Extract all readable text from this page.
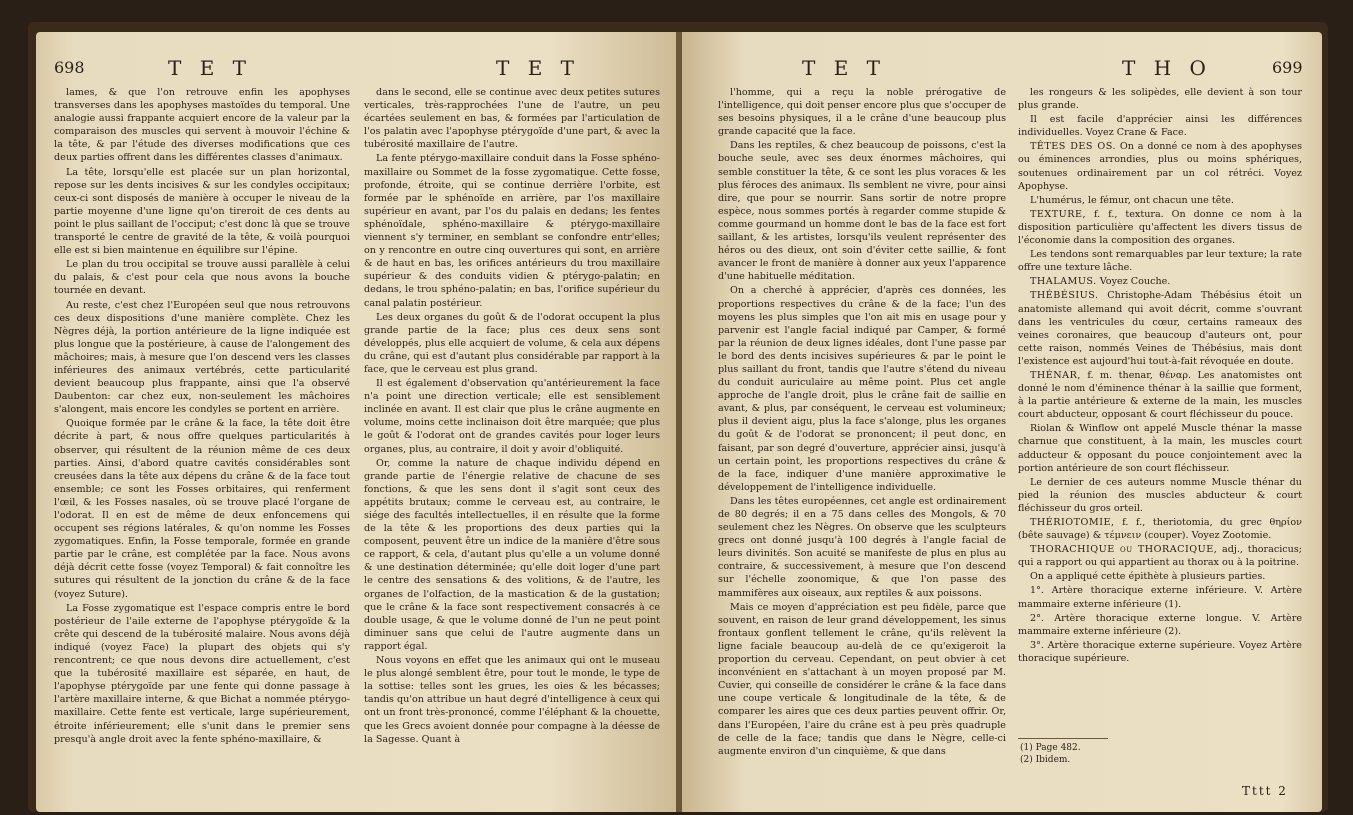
698	T E T	T E T

lames, & que l'on retrouve enfin les apophyses transverses dans les apophyses mastoïdes du temporal. Une analogie aussi frappante acquiert encore de la valeur par la comparaison des muscles qui servent à mouvoir l'échine & la tête, & par l'étude des diverses modifications que ces deux parties offrent dans les différentes classes d'animaux.

La tête, lorsqu'elle est placée sur un plan horizontal, repose sur les dents incisives & sur les condyles occipitaux; ceux-ci sont disposés de manière à occuper le niveau de la partie moyenne d'une ligne qu'on tireroit de ces dents au point le plus saillant de l'occiput; c'est donc là que se trouve transporté le centre de gravité de la tête, & voilà pourquoi elle est si bien maintenue en équilibre sur l'épine.

Le plan du trou occipital se trouve aussi parallèle à celui du palais, & c'est pour cela que nous avons la bouche tournée en devant.

Au reste, c'est chez l'Européen seul que nous retrouvons ces deux dispositions d'une manière complète. Chez les Nègres déjà, la portion antérieure de la ligne indiquée est plus longue que la postérieure, à cause de l'alongement des mâchoires; mais, à mesure que l'on descend vers les classes inférieures des animaux vertébrés, cette particularité devient beaucoup plus frappante, ainsi que l'a observé Daubenton: car chez eux, non-seulement les mâchoires s'alongent, mais encore les condyles se portent en arrière.

Quoique formée par le crâne & la face, la tête doit être décrite à part, & nous offre quelques particularités à observer, qui résultent de la réunion même de ces deux parties. Ainsi, d'abord quatre cavités considérables sont creusées dans la tête aux dépens du crâne & de la face tout ensemble; ce sont les Fosses orbitaires, qui renferment l'œil, & les Fosses nasales, où se trouve placé l'organe de l'odorat. Il en est de même de deux enfoncemens qui occupent ses régions latérales, & qu'on nomme les Fosses zygomatiques. Enfin, la Fosse temporale, formée en grande partie par le crâne, est complétée par la face. Nous avons déjà décrit cette fosse (voyez Temporal) & fait connoître les sutures qui résultent de la jonction du crâne & de la face (voyez Suture).

La Fosse zygomatique est l'espace compris entre le bord postérieur de l'aile externe de l'apophyse ptérygoïde & la crête qui descend de la tubérosité malaire. Nous avons déjà indiqué (voyez Face) la plupart des objets qui s'y rencontrent; ce que nous devons dire actuellement, c'est que la tubérosité maxillaire est séparée, en haut, de l'apophyse ptérygoïde par une fente qui donne passage à l'artère maxillaire interne, & que Bichat a nommée ptérygo-maxillaire. Cette fente est verticale, large supérieurement, étroite inférieurement; elle s'unit dans le premier sens presqu'à angle droit avec la fente sphéno-maxillaire, &

dans le second, elle se continue avec deux petites sutures verticales, très-rapprochées l'une de l'autre, un peu écartées seulement en bas, & formées par l'articulation de l'os palatin avec l'apophyse ptérygoïde d'une part, & avec la tubérosité maxillaire de l'autre.

La fente ptérygo-maxillaire conduit dans la Fosse sphéno-maxillaire ou Sommet de la fosse zygomatique. Cette fosse, profonde, étroite, qui se continue derrière l'orbite, est formée par le sphénoïde en arrière, par l'os maxillaire supérieur en avant, par l'os du palais en dedans; les fentes sphénoïdale, sphéno-maxillaire & ptérygo-maxillaire viennent s'y terminer, en semblant se confondre entr'elles; on y rencontre en outre cinq ouvertures qui sont, en arrière & de haut en bas, les orifices antérieurs du trou maxillaire supérieur & des conduits vidien & ptérygo-palatin; en dedans, le trou sphéno-palatin; en bas, l'orifice supérieur du canal palatin postérieur.

Les deux organes du goût & de l'odorat occupent la plus grande partie de la face; plus ces deux sens sont développés, plus elle acquiert de volume, & cela aux dépens du crâne, qui est d'autant plus considérable par rapport à la face, que le cerveau est plus grand.

Il est également d'observation qu'antérieurement la face n'a point une direction verticale; elle est sensiblement inclinée en avant. Il est clair que plus le crâne augmente en volume, moins cette inclinaison doit être marquée; que plus le goût & l'odorat ont de grandes cavités pour loger leurs organes, plus, au contraire, il doit y avoir d'obliquité.

Or, comme la nature de chaque individu dépend en grande partie de l'énergie relative de chacune de ses fonctions, & que les sens dont il s'agit sont ceux des appétits brutaux; comme le cerveau est, au contraire, le siége des facultés intellectuelles, il en résulte que la forme de la tête & les proportions des deux parties qui la composent, peuvent être un indice de la manière d'être sous ce rapport, & cela, d'autant plus qu'elle a un volume donné & une destination déterminée; qu'elle doit loger d'une part le centre des sensations & des volitions, & de l'autre, les organes de l'olfaction, de la mastication & de la gustation; que le crâne & la face sont respectivement consacrés à ce double usage, & que le volume donné de l'un ne peut point diminuer sans que celui de l'autre augmente dans un rapport égal.

Nous voyons en effet que les animaux qui ont le museau le plus alongé semblent être, pour tout le monde, le type de la sottise: telles sont les grues, les oies & les bécasses; tandis qu'on attribue un haut degré d'intelligence à ceux qui ont un front très-prononcé, comme l'éléphant & la chouette, que les Grecs avoient donnée pour compagne à la déesse de la Sagesse. Quant à

T E T	T H O	699

l'homme, qui a reçu la noble prérogative de l'intelligence, qui doit penser encore plus que s'occuper de ses besoins physiques, il a le crâne d'une beaucoup plus grande capacité que la face.

Dans les reptiles, & chez beaucoup de poissons, c'est la bouche seule, avec ses deux énormes mâchoires, qui semble constituer la tête, & ce sont les plus voraces & les plus féroces des animaux. Ils semblent ne vivre, pour ainsi dire, que pour se nourrir. Sans sortir de notre propre espèce, nous sommes portés à regarder comme stupide & comme gourmand un homme dont le bas de la face est fort saillant, & les artistes, lorsqu'ils veulent représenter des héros ou des dieux, ont soin d'éviter cette saillie, & font avancer le front de manière à donner aux yeux l'apparence d'une habituelle méditation.

On a cherché à apprécier, d'après ces données, les proportions respectives du crâne & de la face; l'un des moyens les plus simples que l'on ait mis en usage pour y parvenir est l'angle facial indiqué par Camper, & formé par la réunion de deux lignes idéales, dont l'une passe par le bord des dents incisives supérieures & par le point le plus saillant du front, tandis que l'autre s'étend du niveau du conduit auriculaire au même point. Plus cet angle approche de l'angle droit, plus le crâne fait de saillie en avant, & plus, par conséquent, le cerveau est volumineux; plus il devient aigu, plus la face s'alonge, plus les organes du goût & de l'odorat se prononcent; il peut donc, en faisant, par son degré d'ouverture, apprécier ainsi, jusqu'à un certain point, les proportions respectives du crâne & de la face, indiquer d'une manière approximative le développement de l'intelligence individuelle.

Dans les têtes européennes, cet angle est ordinairement de 80 degrés; il en a 75 dans celles des Mongols, & 70 seulement chez les Nègres. On observe que les sculpteurs grecs ont donné jusqu'à 100 degrés à l'angle facial de leurs divinités. Son acuité se manifeste de plus en plus au contraire, & successivement, à mesure que l'on descend sur l'échelle zoonomique, & que l'on passe des mammifères aux oiseaux, aux reptiles & aux poissons.

Mais ce moyen d'appréciation est peu fidèle, parce que souvent, en raison de leur grand développement, les sinus frontaux gonflent tellement le crâne, qu'ils relèvent la ligne faciale beaucoup au-delà de ce qu'exigeroit la proportion du cerveau. Cependant, on peut obvier à cet inconvénient en s'attachant à un moyen proposé par M. Cuvier, qui conseille de considérer le crâne & la face dans une coupe verticale & longitudinale de la tête, & de comparer les aires que ces deux parties peuvent offrir. Or, dans l'Européen, l'aire du crâne est à peu près quadruple de celle de la face; tandis que dans le Nègre, celle-ci augmente environ d'un cinquième, & que dans

les rongeurs & les solipèdes, elle devient à son tour plus grande.

Il est facile d'apprécier ainsi les différences individuelles. Voyez Crane & Face.

TÊTES DES OS. On a donné ce nom à des apophyses ou éminences arrondies, plus ou moins sphériques, soutenues ordinairement par un col rétréci. Voyez Apophyse.

L'humérus, le fémur, ont chacun une tête.

TEXTURE, f. f., textura. On donne ce nom à la disposition particulière qu'affectent les divers tissus de l'économie dans la composition des organes.

Les tendons sont remarquables par leur texture; la rate offre une texture lâche.

THALAMUS. Voyez Couche.

THÉBÉSIUS. Christophe-Adam Thébésius étoit un anatomiste allemand qui avoit décrit, comme s'ouvrant dans les ventricules du cœur, certains rameaux des veines coronaires, que beaucoup d'auteurs ont, pour cette raison, nommés Veines de Thébésius, mais dont l'existence est aujourd'hui tout-à-fait révoquée en doute.

THÉNAR, f. m. thenar, θέναρ. Les anatomistes ont donné le nom d'éminence thénar à la saillie que forment, à la partie antérieure & externe de la main, les muscles court abducteur, opposant & court fléchisseur du pouce.

Riolan & Winflow ont appelé Muscle thénar la masse charnue que constituent, à la main, les muscles court adducteur & opposant du pouce conjointement avec la portion antérieure de son court fléchisseur.

Le dernier de ces auteurs nomme Muscle thénar du pied la réunion des muscles abducteur & court fléchisseur du gros orteil.

THÉRIOTOMIE, f. f., theriotomia, du grec θηρίον (bête sauvage) & τέμνειν (couper). Voyez Zootomie.

THORACHIQUE ou THORACIQUE, adj., thoracicus; qui a rapport ou qui appartient au thorax ou à la poitrine.

On a appliqué cette épithète à plusieurs parties.

1°. Artère thoracique externe inférieure. V. Artère mammaire externe inférieure (1).

2°. Artère thoracique externe longue. V. Artère mammaire externe inférieure (2).

3°. Artère thoracique externe supérieure. Voyez Artère thoracique supérieure.

(1) Page 482.
(2) Ibidem.
Tttt 2
